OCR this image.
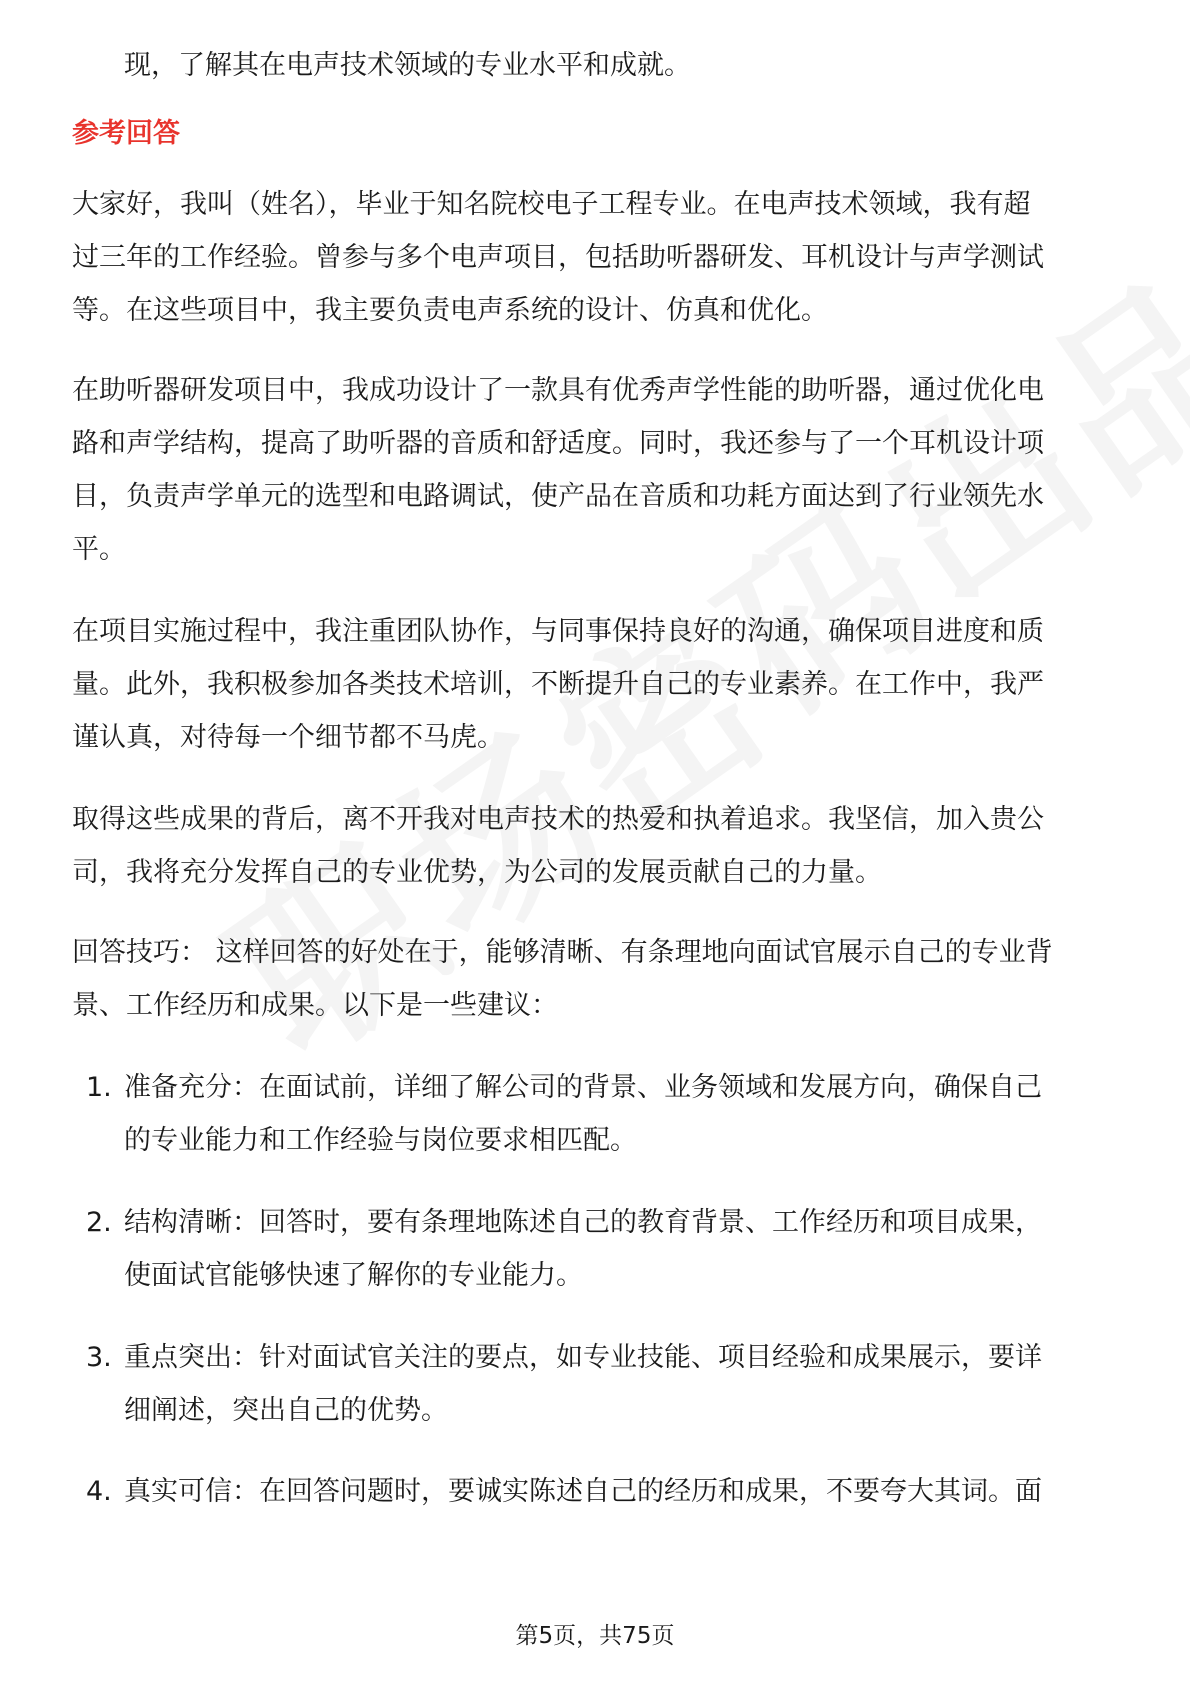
现，了解其在电声技术领域的专业水平和成就。
参考回答
大家好，我叫（姓名），毕业于知名院校电子工程专业。在电声技术领域，我有超
过三年的工作经验。曾参与多个电声项目，包括助听器研发、耳机设计与声学测试
等。在这些项目中，我主要负责电声系统的设计、仿真和优化。
在助听器研发项目中，我成功设计了一款具有优秀声学性能的助听器，通过优化电
路和声学结构，提高了助听器的音质和舒适度。同时，我还参与了一个耳机设计项
目，负责声学单元的选型和电路调试，使产品在音质和功耗方面达到了行业领先水
平。
在项目实施过程中，我注重团队协作，与同事保持良好的沟通，确保项目进度和质
量。此外，我积极参加各类技术培训，不断提升自己的专业素养。在工作中，我严
谨认真，对待每一个细节都不马虎。
取得这些成果的背后，离不开我对电声技术的热爱和执着追求。我坚信，加入贵公
司，我将充分发挥自己的专业优势，为公司的发展贡献自己的力量。
回答技巧： 这样回答的好处在于，能够清晰、有条理地向面试官展示自己的专业背
景、工作经历和成果。以下是一些建议：
1. 准备充分：在面试前，详细了解公司的背景、业务领域和发展方向，确保自己
的专业能力和工作经验与岗位要求相匹配。
2. 结构清晰：回答时，要有条理地陈述自己的教育背景、工作经历和项目成果，
使面试官能够快速了解你的专业能力。
3. 重点突出：针对面试官关注的要点，如专业技能、项目经验和成果展示，要详
细阐述，突出自己的优势。
4. 真实可信：在回答问题时，要诚实陈述自己的经历和成果，不要夸大其词。面
第5页，共75页
